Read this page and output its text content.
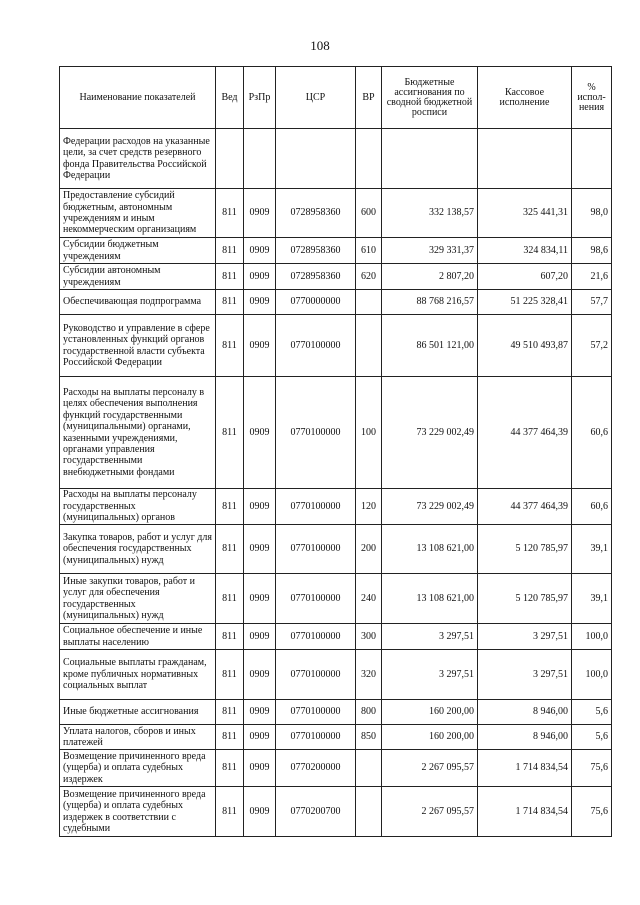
108
Наименование показателей	Вед	РзПр	ЦСР	ВР	Бюджетные ассигнования по сводной бюджетной росписи	Кассовое исполнение	% испол-нения
Федерации расходов на указанные цели, за счет средств резервного фонда Правительства Российской Федерации							
Предоставление субсидий бюджетным, автономным учреждениям и иным некоммерческим организациям	811	0909	0728958360	600	332 138,57	325 441,31	98,0
Субсидии бюджетным учреждениям	811	0909	0728958360	610	329 331,37	324 834,11	98,6
Субсидии автономным учреждениям	811	0909	0728958360	620	2 807,20	607,20	21,6
Обеспечивающая подпрограмма	811	0909	0770000000		88 768 216,57	51 225 328,41	57,7
Руководство и управление в сфере установленных функций органов государственной власти субъекта Российской Федерации	811	0909	0770100000		86 501 121,00	49 510 493,87	57,2
Расходы на выплаты персоналу в целях обеспечения выполнения функций государственными (муниципальными) органами, казенными учреждениями, органами управления государственными внебюджетными фондами	811	0909	0770100000	100	73 229 002,49	44 377 464,39	60,6
Расходы на выплаты персоналу государственных (муниципальных) органов	811	0909	0770100000	120	73 229 002,49	44 377 464,39	60,6
Закупка товаров, работ и услуг для обеспечения государственных (муниципальных) нужд	811	0909	0770100000	200	13 108 621,00	5 120 785,97	39,1
Иные закупки товаров, работ и услуг для обеспечения государственных (муниципальных) нужд	811	0909	0770100000	240	13 108 621,00	5 120 785,97	39,1
Социальное обеспечение и иные выплаты населению	811	0909	0770100000	300	3 297,51	3 297,51	100,0
Социальные выплаты гражданам, кроме публичных нормативных социальных выплат	811	0909	0770100000	320	3 297,51	3 297,51	100,0
Иные бюджетные ассигнования	811	0909	0770100000	800	160 200,00	8 946,00	5,6
Уплата налогов, сборов и иных платежей	811	0909	0770100000	850	160 200,00	8 946,00	5,6
Возмещение причиненного вреда (ущерба) и оплата судебных издержек	811	0909	0770200000		2 267 095,57	1 714 834,54	75,6
Возмещение причиненного вреда (ущерба) и оплата судебных издержек в соответствии с судебными	811	0909	0770200700		2 267 095,57	1 714 834,54	75,6
